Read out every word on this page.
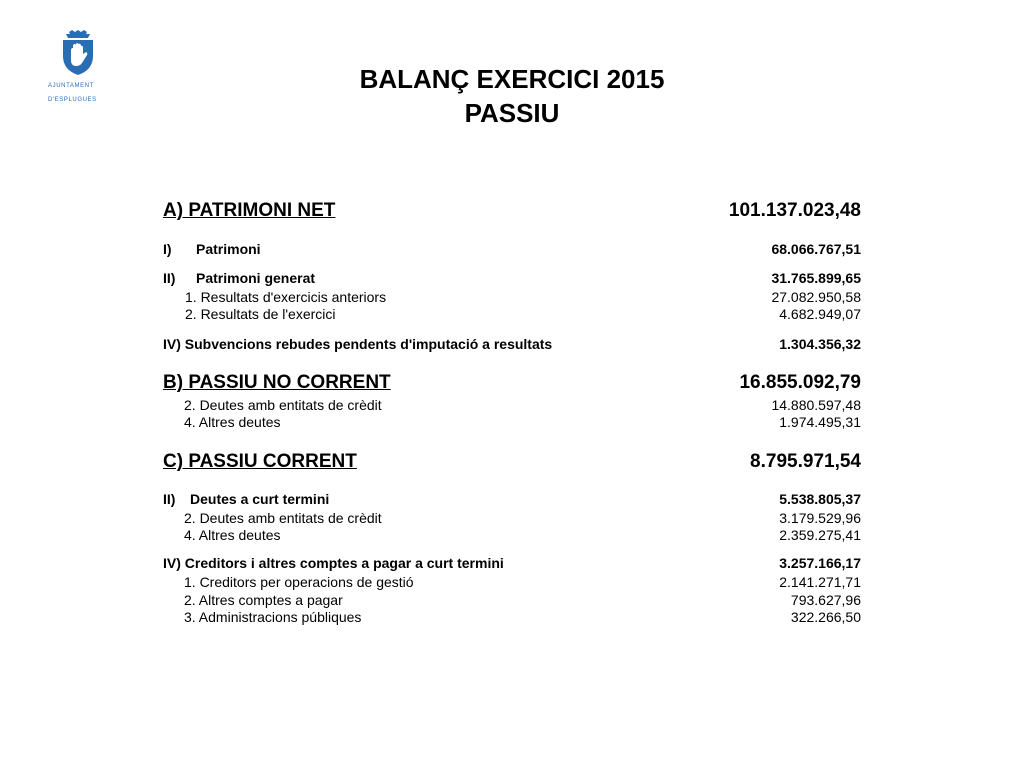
AJUNTAMENT
D'ESPLUGUES
BALANÇ EXERCICI 2015
PASSIU
A) PATRIMONI NET	101.137.023,48
I) Patrimoni	68.066.767,51
II) Patrimoni generat	31.765.899,65
1. Resultats d'exercicis anteriors	27.082.950,58
2. Resultats de l'exercici	4.682.949,07
IV) Subvencions rebudes pendents d'imputació a resultats	1.304.356,32
B) PASSIU NO CORRENT	16.855.092,79
2. Deutes amb entitats de crèdit	14.880.597,48
4. Altres deutes	1.974.495,31
C) PASSIU CORRENT	8.795.971,54
II) Deutes a curt termini	5.538.805,37
2. Deutes amb entitats de crèdit	3.179.529,96
4. Altres deutes	2.359.275,41
IV) Creditors i altres comptes a pagar a curt termini	3.257.166,17
1. Creditors per operacions de gestió	2.141.271,71
2. Altres comptes a pagar	793.627,96
3. Administracions públiques	322.266,50
